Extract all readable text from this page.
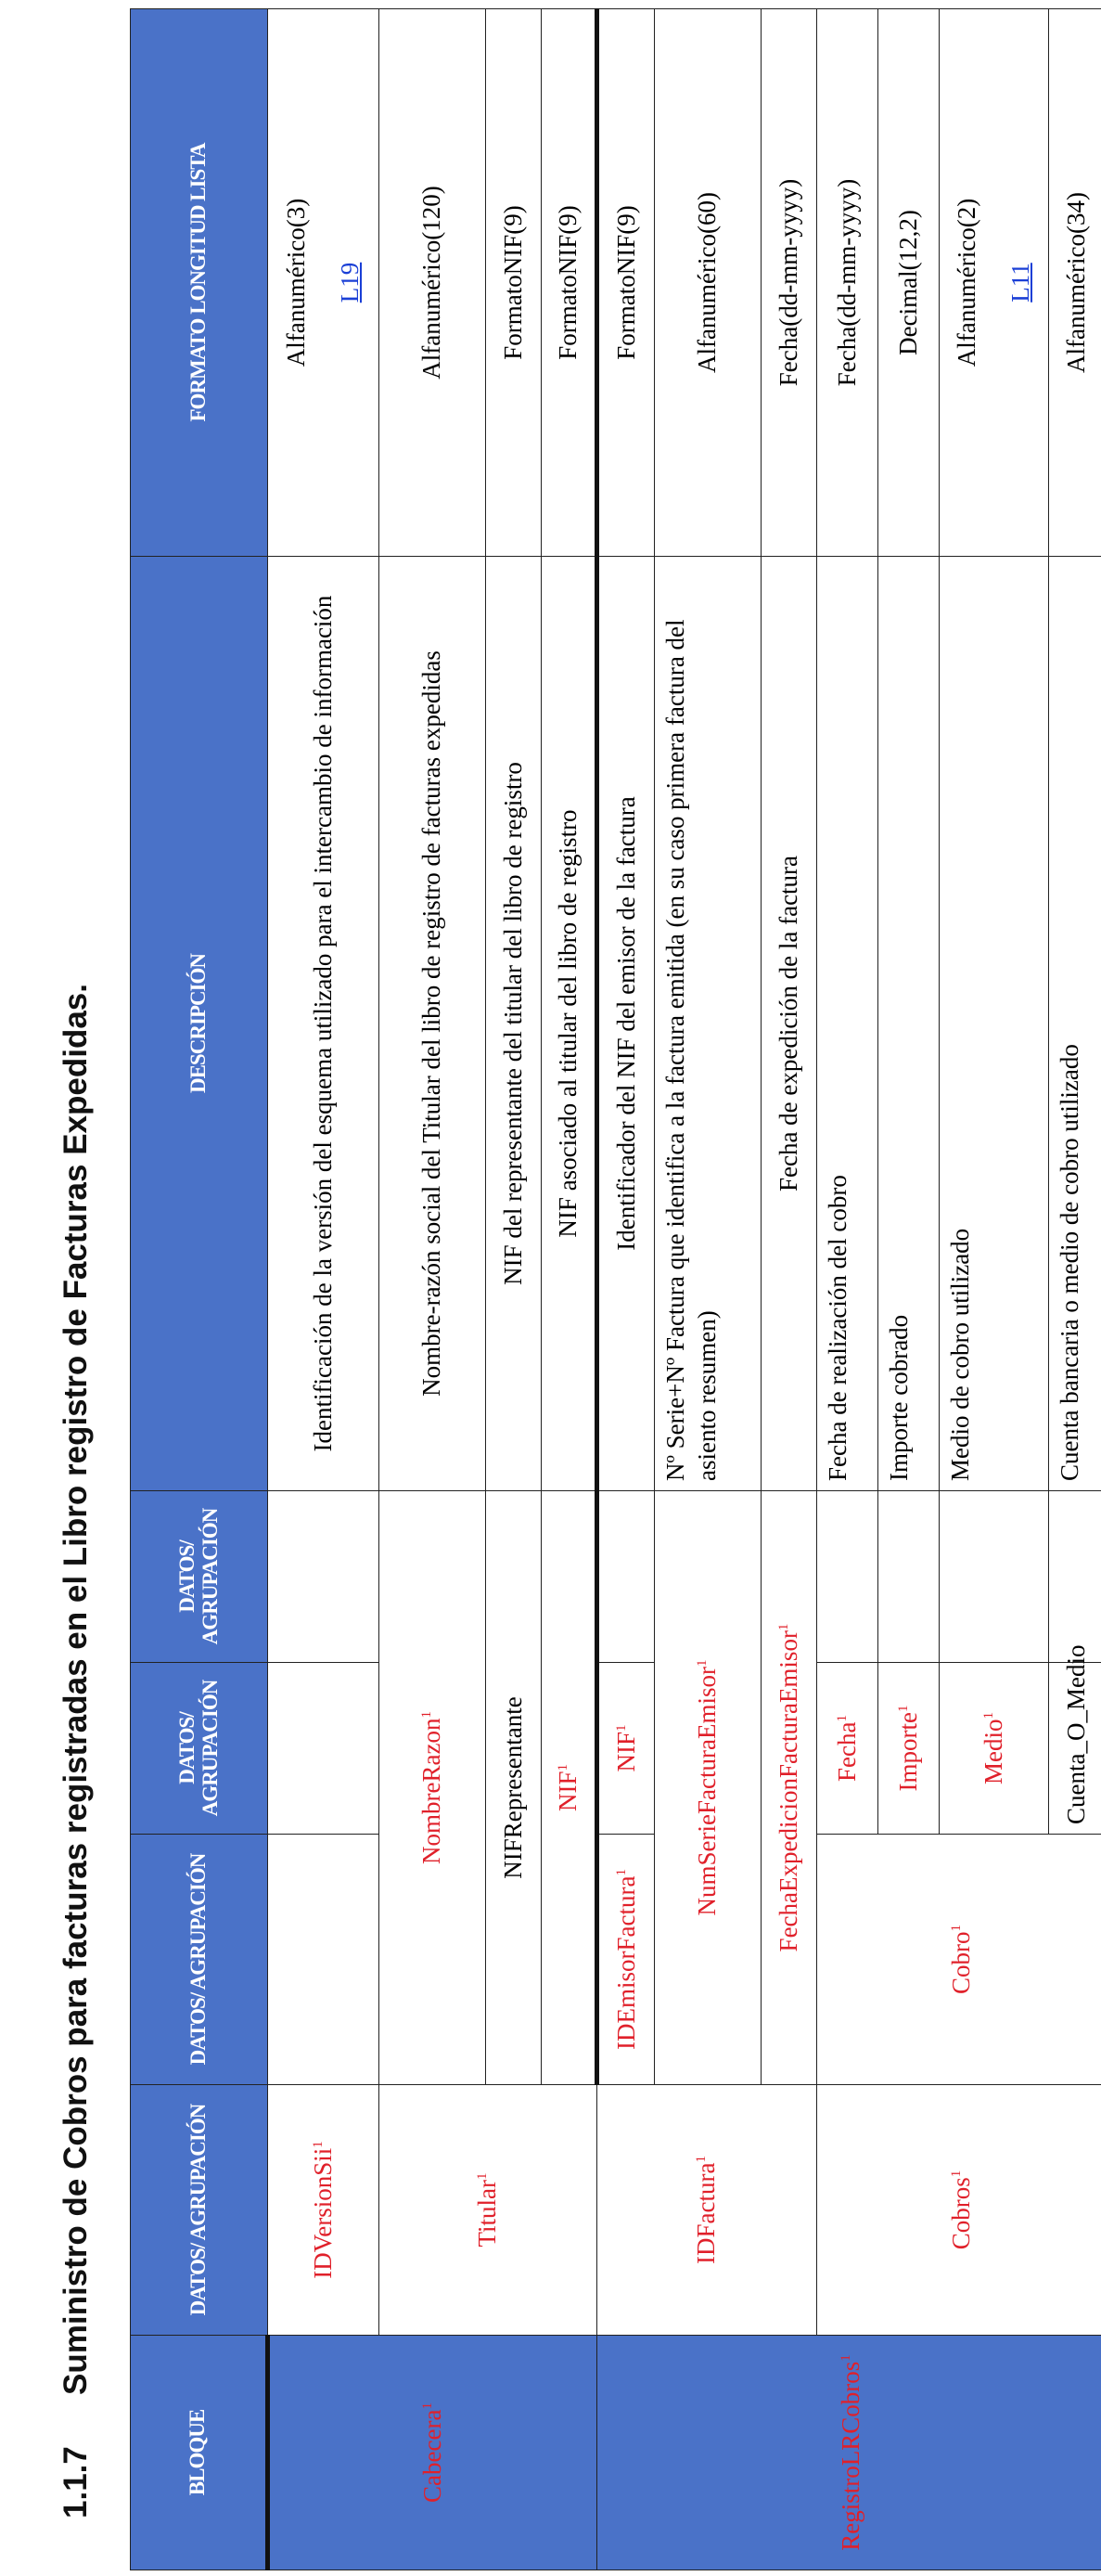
1.1.7
Suministro de Cobros para facturas registradas en el Libro registro de Facturas Expedidas.
BLOQUE	DATOS/ AGRUPACIÓN	DATOS/ AGRUPACIÓN	DATOS/ AGRUPACIÓN	DATOS/ AGRUPACIÓN	DESCRIPCIÓN	FORMATO LONGITUD LISTA
Cabecera$^1$	IDVersionSii$^1$				Identificación de la versión del esquema utilizado para el intercambio de información	Alfanumérico(3) L19

	Titular$^1$	NombreRazon$^1$			Nombre-razón social del Titular del libro de registro de facturas expedidas	Alfanumérico(120)
		NIFRepresentante			NIF del representante del titular del libro de registro	FormatoNIF(9)
		NIF$^1$			NIF asociado al titular del libro de registro	FormatoNIF(9)
RegistroLRCobros$^1$	IDFactura$^1$	IDEmisorFactura$^1$	NIF$^1$		Identificador del NIF del emisor de la factura	FormatoNIF(9)
		NumSerieFacturaEmisor$^1$			Nº Serie+Nº Factura que identifica a la factura emitida (en su caso primera factura del asiento resumen)	Alfanumérico(60)
		FechaExpedicionFacturaEmisor$^1$			Fecha de expedición de la factura	Fecha(dd-mm-yyyy)
	Cobros$^1$	Cobro$^1$	Fecha$^1$		Fecha de realización del cobro	Fecha(dd-mm-yyyy)
			Importe$^1$		Importe cobrado	Decimal(12,2)
			Medio$^1$		Medio de cobro utilizado	Alfanumérico(2) L11

			Cuenta_O_Medio		Cuenta bancaria o medio de cobro utilizado	Alfanumérico(34)
